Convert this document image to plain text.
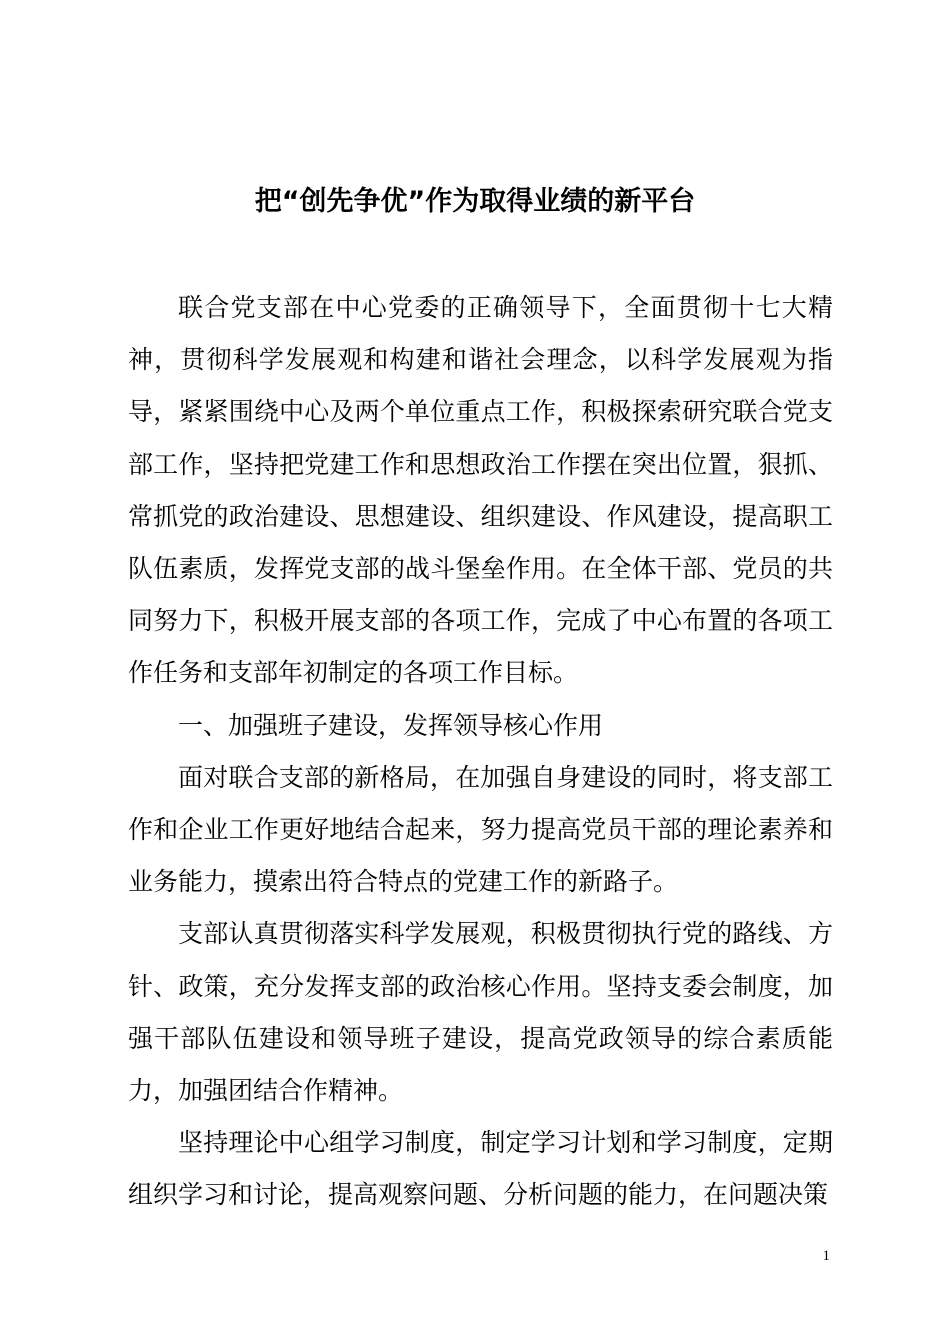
把“创先争优”作为取得业绩的新平台

联合党支部在中心党委的正确领导下，全面贯彻十七大精神，贯彻科学发展观和构建和谐社会理念，以科学发展观为指导，紧紧围绕中心及两个单位重点工作，积极探索研究联合党支部工作，坚持把党建工作和思想政治工作摆在突出位置，狠抓、常抓党的政治建设、思想建设、组织建设、作风建设，提高职工队伍素质，发挥党支部的战斗堡垒作用。在全体干部、党员的共同努力下，积极开展支部的各项工作，完成了中心布置的各项工作任务和支部年初制定的各项工作目标。

一、加强班子建设，发挥领导核心作用

面对联合支部的新格局，在加强自身建设的同时，将支部工作和企业工作更好地结合起来，努力提高党员干部的理论素养和业务能力，摸索出符合特点的党建工作的新路子。

支部认真贯彻落实科学发展观，积极贯彻执行党的路线、方针、政策，充分发挥支部的政治核心作用。坚持支委会制度，加强干部队伍建设和领导班子建设，提高党政领导的综合素质能力，加强团结合作精神。

坚持理论中心组学习制度，制定学习计划和学习制度，定期组织学习和讨论，提高观察问题、分析问题的能力，在问题决策

1
